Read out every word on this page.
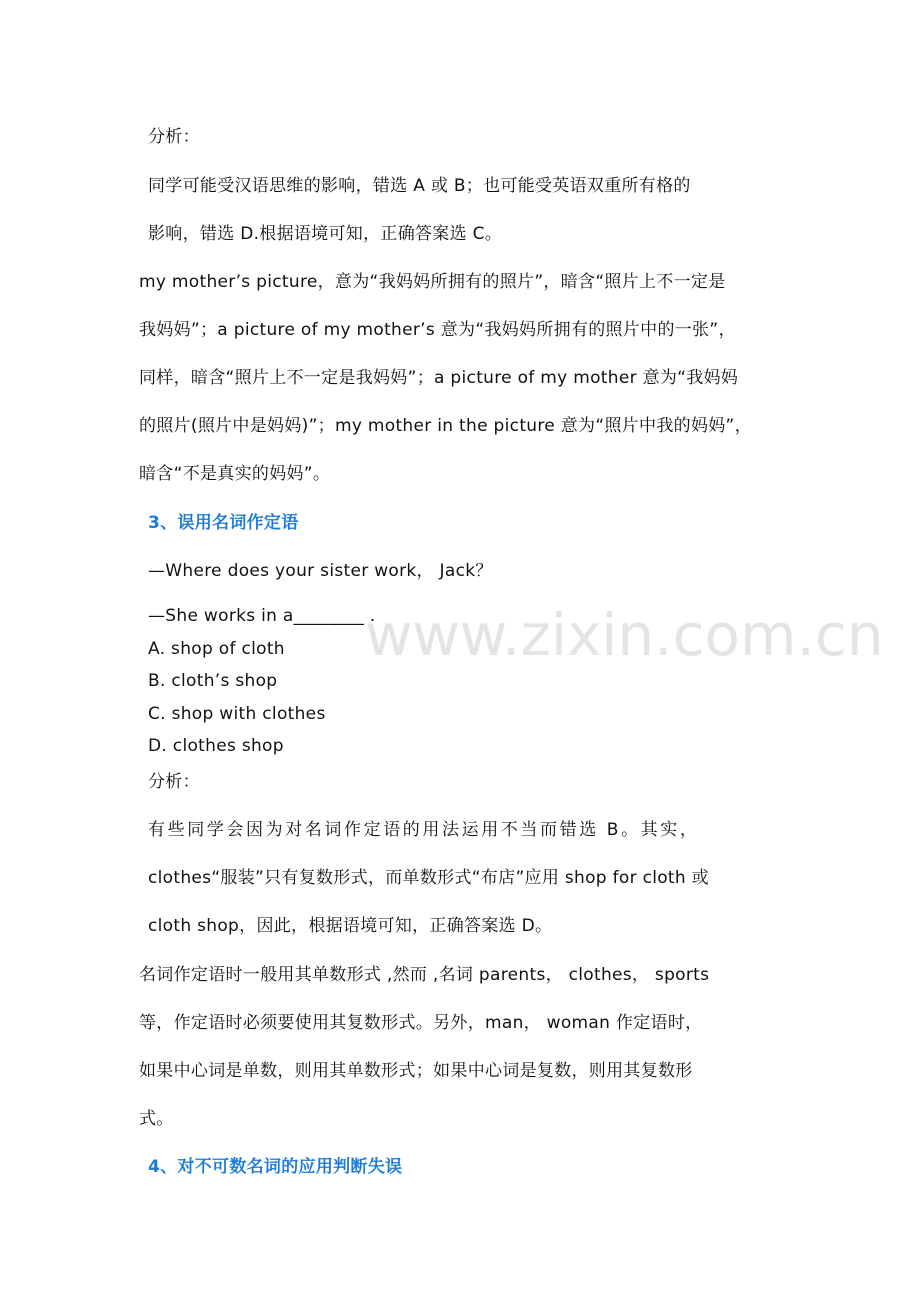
www.zixin.com.cn

分析：

同学可能受汉语思维的影响，错选 A 或 B；也可能受英语双重所有格的

影响，错选 D.根据语境可知，正确答案选 C。

my mother’s picture，意为“我妈妈所拥有的照片”，暗含“照片上不一定是

我妈妈”；a picture of my mother’s 意为“我妈妈所拥有的照片中的一张”，

同样，暗含“照片上不一定是我妈妈”；a picture of my mother 意为“我妈妈

的照片(照片中是妈妈)”；my mother in the picture 意为“照片中我的妈妈”，

暗含“不是真实的妈妈”。

3、误用名词作定语

—Where does your sister work， Jack？

—She works in a________ .

A. shop of cloth

B. cloth’s shop

C. shop with clothes

D. clothes shop

分析：

有些同学会因为对名词作定语的用法运用不当而错选 B。其实，

clothes“服装”只有复数形式，而单数形式“布店”应用 shop for cloth 或

cloth shop，因此，根据语境可知，正确答案选 D。

名词作定语时一般用其单数形式 ,然而 ,名词 parents， clothes， sports

等，作定语时必须要使用其复数形式。另外，man， woman 作定语时，

如果中心词是单数，则用其单数形式；如果中心词是复数，则用其复数形

式。

4、对不可数名词的应用判断失误
